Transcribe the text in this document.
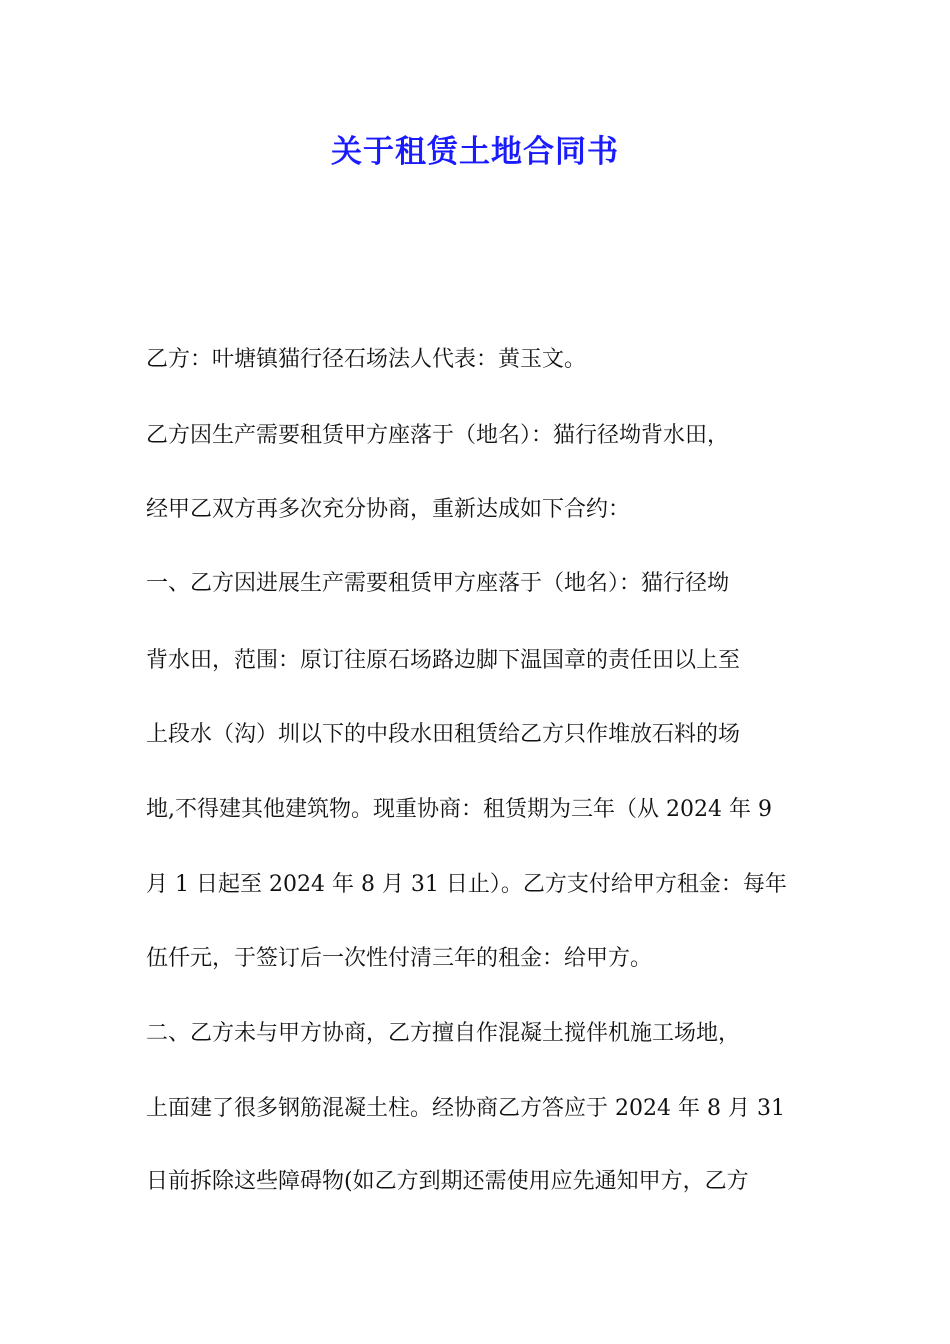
关于租赁土地合同书

乙方：叶塘镇猫行径石场法人代表：黄玉文。

乙方因生产需要租赁甲方座落于（地名）：猫行径坳背水田，

经甲乙双方再多次充分协商，重新达成如下合约：

一、乙方因进展生产需要租赁甲方座落于（地名）：猫行径坳

背水田，范围：原订往原石场路边脚下温国章的责任田以上至

上段水（沟）圳以下的中段水田租赁给乙方只作堆放石料的场

地,不得建其他建筑物。现重协商：租赁期为三年（从 2024 年 9

月 1 日起至 2024 年 8 月 31 日止）。乙方支付给甲方租金：每年

伍仟元，于签订后一次性付清三年的租金：给甲方。

二、乙方未与甲方协商，乙方擅自作混凝土搅伴机施工场地，

上面建了很多钢筋混凝土柱。经协商乙方答应于 2024 年 8 月 31

日前拆除这些障碍物(如乙方到期还需使用应先通知甲方，乙方
